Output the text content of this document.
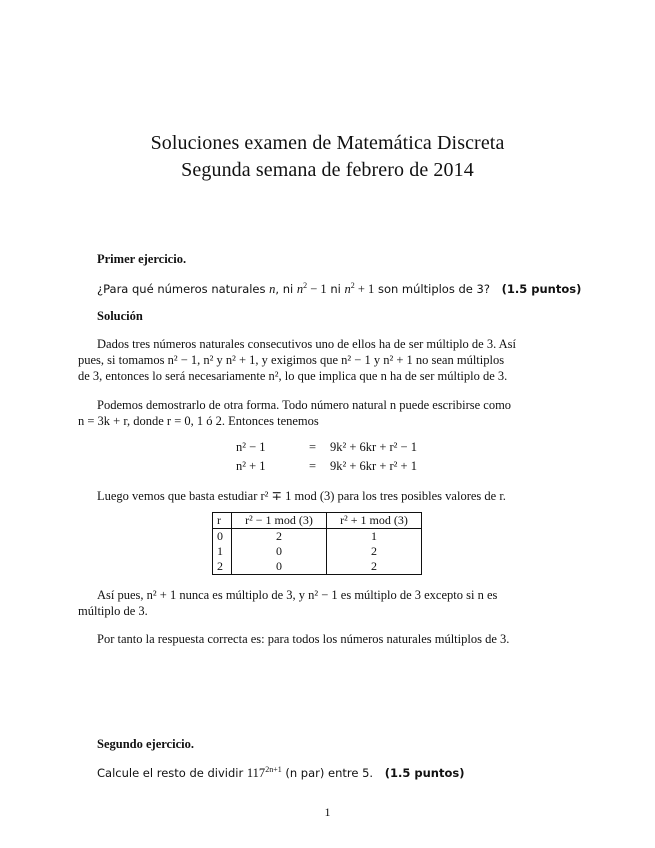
Soluciones examen de Matemática Discreta
Segunda semana de febrero de 2014
Primer ejercicio.
¿Para qué números naturales n, ni $n^2 - 1$ ni $n^2 + 1$ son múltiplos de 3? (1.5 puntos)
Solución
Dados tres números naturales consecutivos uno de ellos ha de ser múltiplo de 3. Así
pues, si tomamos n² − 1, n² y n² + 1, y exigimos que n² − 1 y n² + 1 no sean múltiplos
de 3, entonces lo será necesariamente n², lo que implica que n ha de ser múltiplo de 3.
Podemos demostrarlo de otra forma. Todo número natural n puede escribirse como
n = 3k + r, donde r = 0, 1 ó 2. Entonces tenemos
n² − 1	= 9k² + 6kr + r² − 1
n² + 1	= 9k² + 6kr + r² + 1
Luego vemos que basta estudiar r² ∓ 1 mod (3) para los tres posibles valores de r.
r	r² − 1 mod (3)	r² + 1 mod (3)
0	2	1
1	0	2
2	0	2
Así pues, n² + 1 nunca es múltiplo de 3, y n² − 1 es múltiplo de 3 excepto si n es
múltiplo de 3.
Por tanto la respuesta correcta es: para todos los números naturales múltiplos de 3.
Segundo ejercicio.
Calcule el resto de dividir $117^{2n+1}$ (n par) entre 5. (1.5 puntos)
1
